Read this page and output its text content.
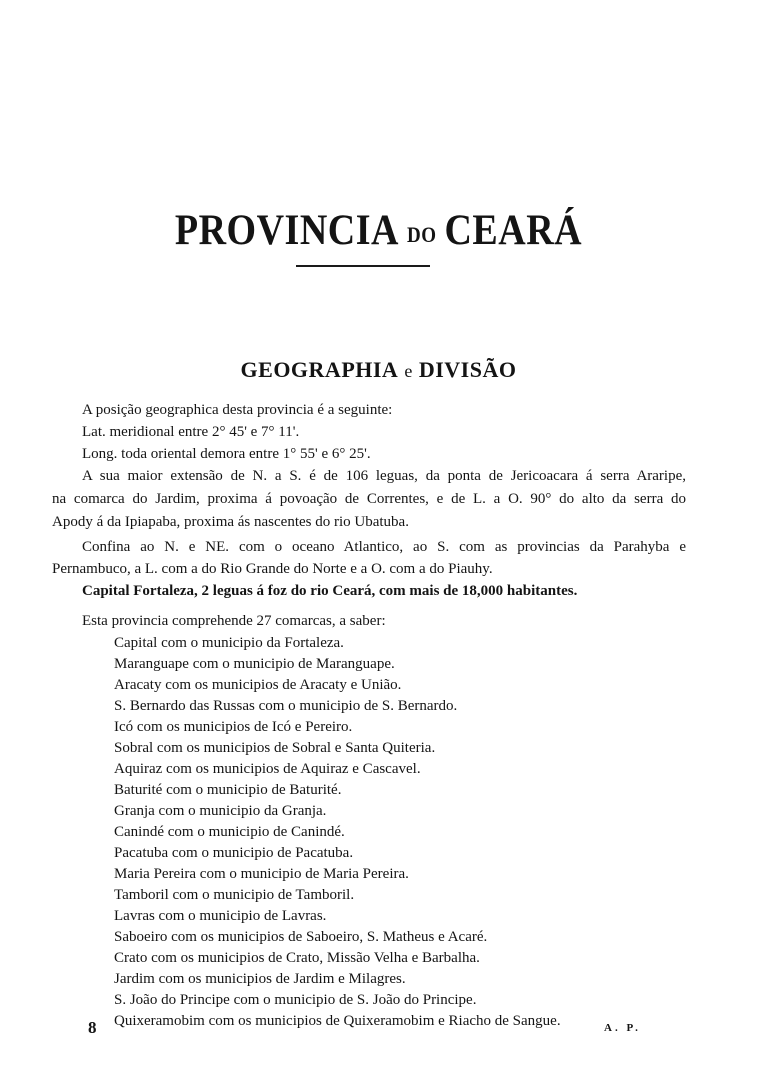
PROVINCIA DO CEARÁ
GEOGRAPHIA e DIVISÃO

A posição geographica desta provincia é a seguinte:

Lat. meridional entre 2° 45' e 7° 11'.

Long. toda oriental demora entre 1° 55' e 6° 25'.

A sua maior extensão de N. a S. é de 106 leguas, da ponta de Jericoacara á serra Araripe,

na comarca do Jardim, proxima á povoação de Correntes, e de L. a O. 90° do alto da serra do

Apody á da Ipiapaba, proxima ás nascentes do rio Ubatuba.

Confina ao N. e NE. com o oceano Atlantico, ao S. com as provincias da Parahyba e

Pernambuco, a L. com a do Rio Grande do Norte e a O. com a do Piauhy.

Capital Fortaleza, 2 leguas á foz do rio Ceará, com mais de 18,000 habitantes.

Esta provincia comprehende 27 comarcas, a saber:

Capital com o municipio da Fortaleza.

Maranguape com o municipio de Maranguape.

Aracaty com os municipios de Aracaty e União.

S. Bernardo das Russas com o municipio de S. Bernardo.

Icó com os municipios de Icó e Pereiro.

Sobral com os municipios de Sobral e Santa Quiteria.

Aquiraz com os municipios de Aquiraz e Cascavel.

Baturité com o municipio de Baturité.

Granja com o municipio da Granja.

Canindé com o municipio de Canindé.

Pacatuba com o municipio de Pacatuba.

Maria Pereira com o municipio de Maria Pereira.

Tamboril com o municipio de Tamboril.

Lavras com o municipio de Lavras.

Saboeiro com os municipios de Saboeiro, S. Matheus e Acaré.

Crato com os municipios de Crato, Missão Velha e Barbalha.

Jardim com os municipios de Jardim e Milagres.

S. João do Principe com o municipio de S. João do Principe.

Quixeramobim com os municipios de Quixeramobim e Riacho de Sangue.

8	A. P.
